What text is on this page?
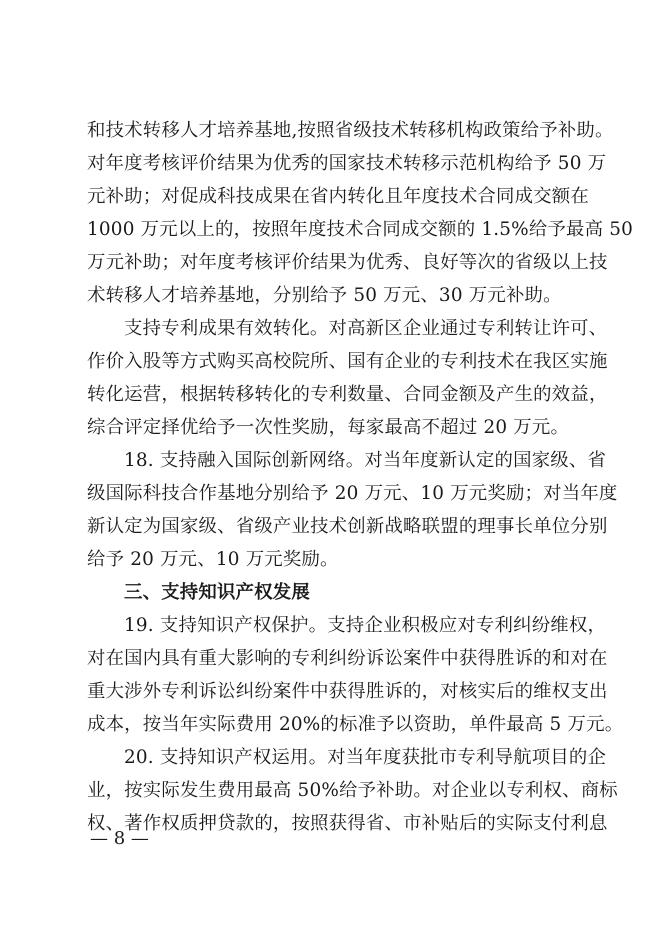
和技术转移人才培养基地,按照省级技术转移机构政策给予补助。
对年度考核评价结果为优秀的国家技术转移示范机构给予 50 万
元补助；对促成科技成果在省内转化且年度技术合同成交额在
1000 万元以上的，按照年度技术合同成交额的 1.5%给予最高 50
万元补助；对年度考核评价结果为优秀、良好等次的省级以上技
术转移人才培养基地，分别给予 50 万元、30 万元补助。
支持专利成果有效转化。对高新区企业通过专利转让许可、
作价入股等方式购买高校院所、国有企业的专利技术在我区实施
转化运营，根据转移转化的专利数量、合同金额及产生的效益，
综合评定择优给予一次性奖励，每家最高不超过 20 万元。
18. 支持融入国际创新网络。对当年度新认定的国家级、省
级国际科技合作基地分别给予 20 万元、10 万元奖励；对当年度
新认定为国家级、省级产业技术创新战略联盟的理事长单位分别
给予 20 万元、10 万元奖励。
三、支持知识产权发展
19. 支持知识产权保护。支持企业积极应对专利纠纷维权，
对在国内具有重大影响的专利纠纷诉讼案件中获得胜诉的和对在
重大涉外专利诉讼纠纷案件中获得胜诉的，对核实后的维权支出
成本，按当年实际费用 20%的标准予以资助，单件最高 5 万元。
20. 支持知识产权运用。对当年度获批市专利导航项目的企
业，按实际发生费用最高 50%给予补助。对企业以专利权、商标
权、著作权质押贷款的，按照获得省、市补贴后的实际支付利息
— 8 —
